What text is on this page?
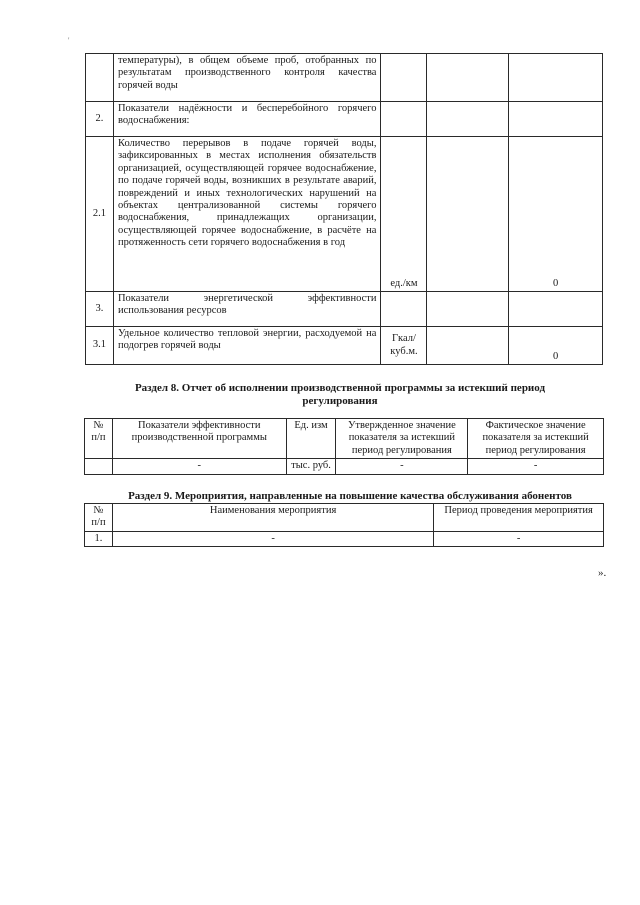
'
	температуры), в общем объеме проб, отобранных по результатам производственного контроля качества горячей воды			
2.	Показатели надёжности и бесперебойного горячего водоснабжения:			
2.1	Количество перерывов в подаче горячей воды, зафиксированных в местах исполнения обязательств организацией, осуществляющей горячее водоснабжение, по подаче горячей воды, возникших в результате аварий, повреждений и иных технологических нарушений на объектах централизованной системы горячего водоснабжения, принадлежащих организации, осуществляющей горячее водоснабжение, в расчёте на протяженность сети горячего водоснабжения в год	ед./км		0
3.	Показатели энергетической эффективности использования ресурсов			
3.1	Удельное количество тепловой энергии, расходуемой на подогрев горячей воды	Гкал/ куб.м.		0
Раздел 8. Отчет об исполнении производственной программы за истекший период регулирования
№ п/п	Показатели эффективности производственной программы	Ед. изм	Утвержденное значение показателя за истекший период регулирования	Фактическое значение показателя за истекший период регулирования
	-	тыс. руб.	-	-
Раздел 9. Мероприятия, направленные на повышение качества обслуживания абонентов
№ п/п	Наименования мероприятия	Период проведения мероприятия
1.	-	-
».
